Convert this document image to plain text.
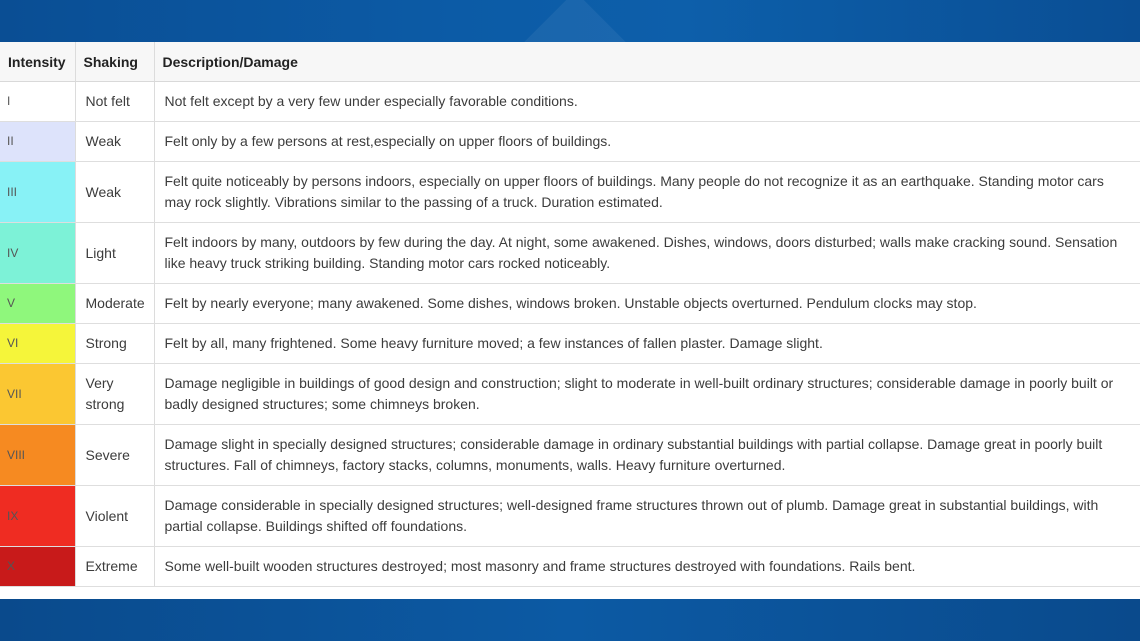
Intensity	Shaking	Description/Damage
I	Not felt	Not felt except by a very few under especially favorable conditions.
II	Weak	Felt only by a few persons at rest,especially on upper floors of buildings.
III	Weak	Felt quite noticeably by persons indoors, especially on upper floors of buildings. Many people do not recognize it as an earthquake. Standing motor cars may rock slightly. Vibrations similar to the passing of a truck. Duration estimated.
IV	Light	Felt indoors by many, outdoors by few during the day. At night, some awakened. Dishes, windows, doors disturbed; walls make cracking sound. Sensation like heavy truck striking building. Standing motor cars rocked noticeably.
V	Moderate	Felt by nearly everyone; many awakened. Some dishes, windows broken. Unstable objects overturned. Pendulum clocks may stop.
VI	Strong	Felt by all, many frightened. Some heavy furniture moved; a few instances of fallen plaster. Damage slight.
VII	Very strong	Damage negligible in buildings of good design and construction; slight to moderate in well-built ordinary structures; considerable damage in poorly built or badly designed structures; some chimneys broken.
VIII	Severe	Damage slight in specially designed structures; considerable damage in ordinary substantial buildings with partial collapse. Damage great in poorly built structures. Fall of chimneys, factory stacks, columns, monuments, walls. Heavy furniture overturned.
IX	Violent	Damage considerable in specially designed structures; well-designed frame structures thrown out of plumb. Damage great in substantial buildings, with partial collapse. Buildings shifted off foundations.
X	Extreme	Some well-built wooden structures destroyed; most masonry and frame structures destroyed with foundations. Rails bent.
